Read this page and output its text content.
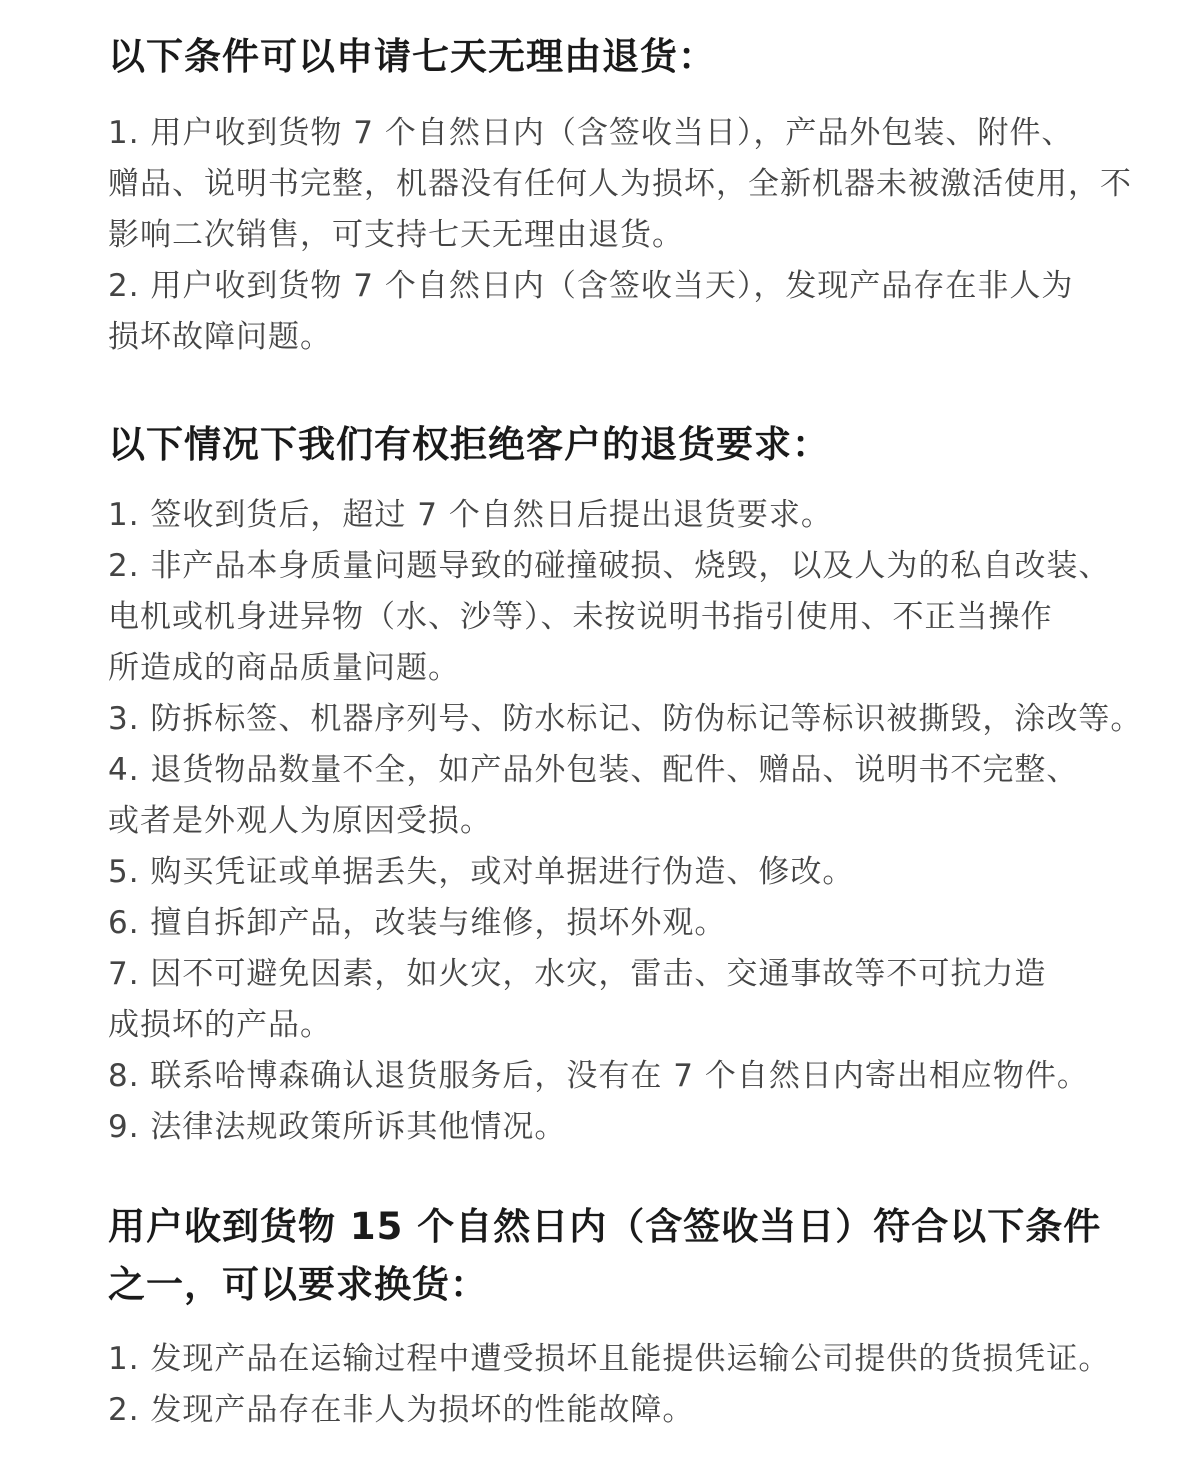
以下条件可以申请七天无理由退货：

1. 用户收到货物 7 个自然日内（含签收当日），产品外包装、附件、
赠品、说明书完整，机器没有任何人为损坏，全新机器未被激活使用，不
影响二次销售，可支持七天无理由退货。

2. 用户收到货物 7 个自然日内（含签收当天），发现产品存在非人为
损坏故障问题。

以下情况下我们有权拒绝客户的退货要求：

1. 签收到货后，超过 7 个自然日后提出退货要求。

2. 非产品本身质量问题导致的碰撞破损、烧毁，以及人为的私自改装、
电机或机身进异物（水、沙等）、未按说明书指引使用、不正当操作
所造成的商品质量问题。

3. 防拆标签、机器序列号、防水标记、防伪标记等标识被撕毁，涂改等。

4. 退货物品数量不全，如产品外包装、配件、赠品、说明书不完整、
或者是外观人为原因受损。

5. 购买凭证或单据丢失，或对单据进行伪造、修改。

6. 擅自拆卸产品，改装与维修，损坏外观。

7. 因不可避免因素，如火灾，水灾，雷击、交通事故等不可抗力造
成损坏的产品。

8. 联系哈博森确认退货服务后，没有在 7 个自然日内寄出相应物件。

9. 法律法规政策所诉其他情况。

用户收到货物 15 个自然日内（含签收当日）符合以下条件
之一，可以要求换货：

1. 发现产品在运输过程中遭受损坏且能提供运输公司提供的货损凭证。

2. 发现产品存在非人为损坏的性能故障。
